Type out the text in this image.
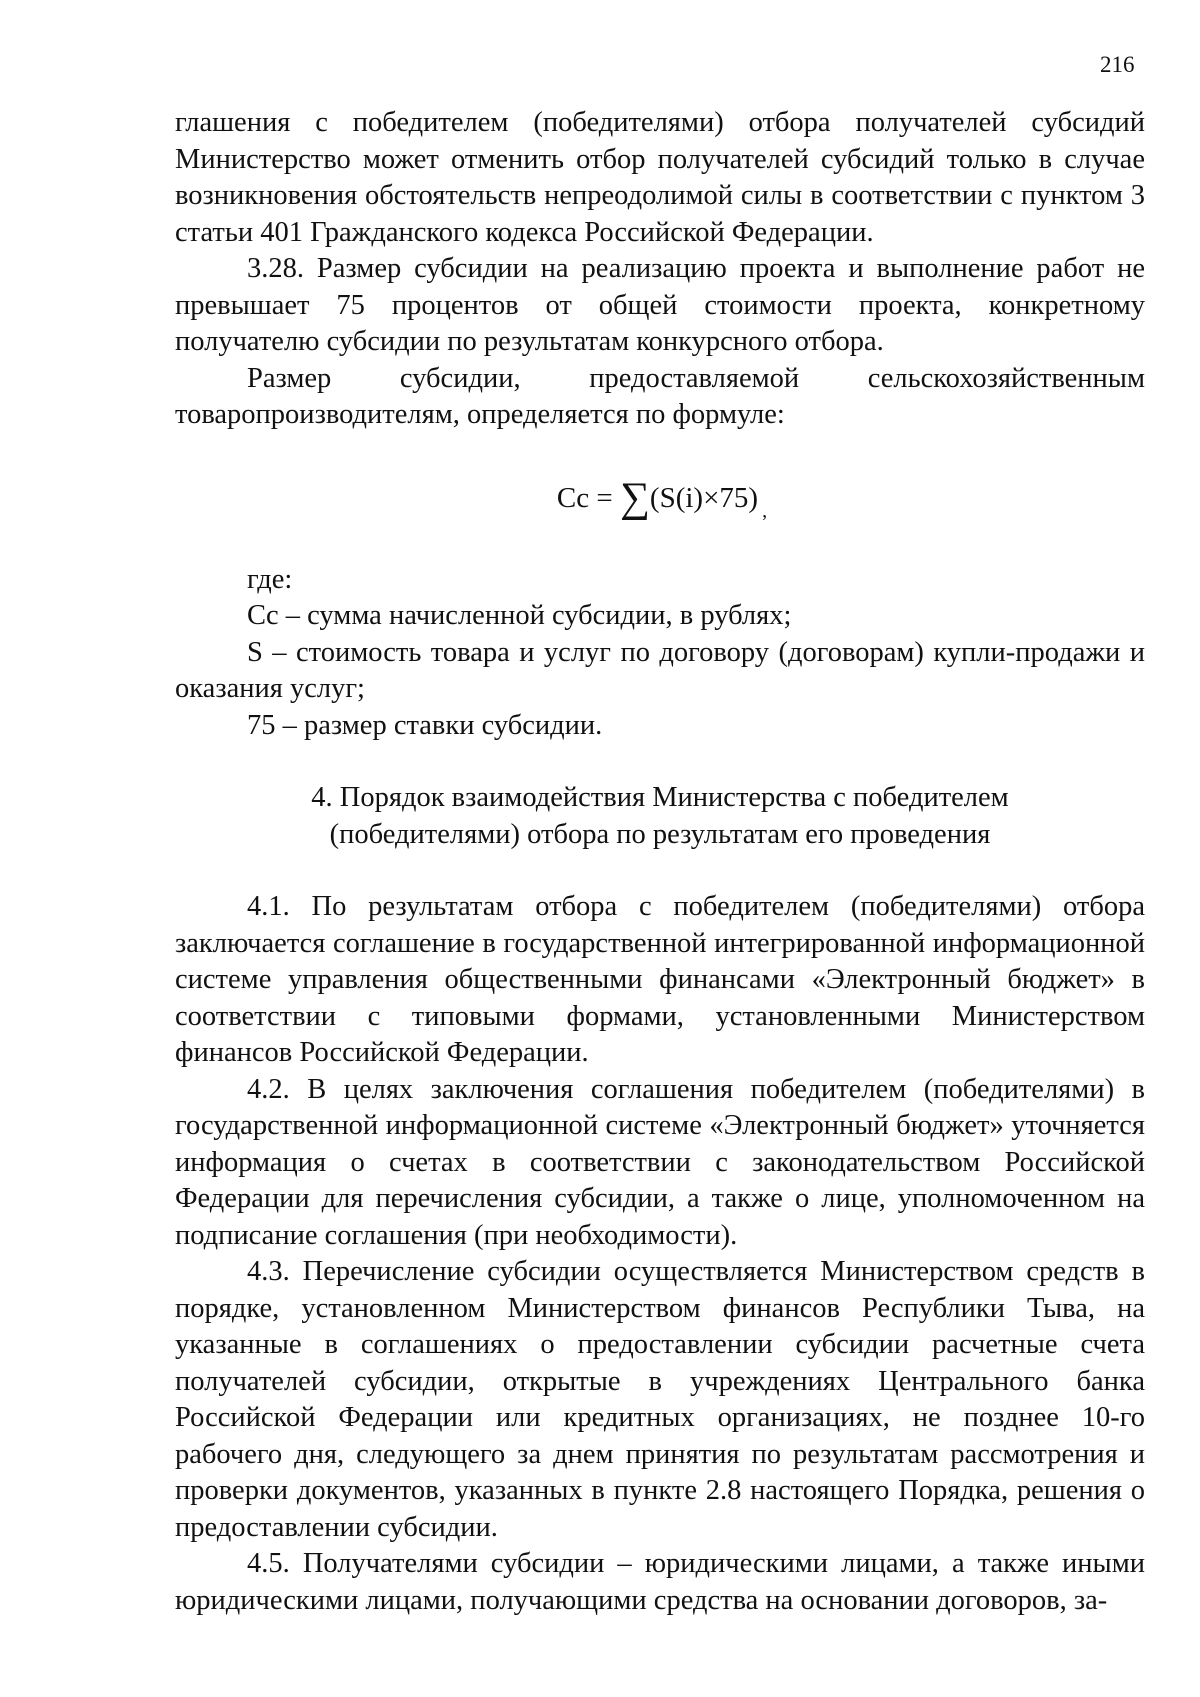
216

глашения с победителем (победителями) отбора получателей субсидий Министерство может отменить отбор получателей субсидий только в случае возникновения обстоятельств непреодолимой силы в соответствии с пунктом 3 статьи 401 Гражданского кодекса Российской Федерации.

3.28. Размер субсидии на реализацию проекта и выполнение работ не превышает 75 процентов от общей стоимости проекта, конкретному получателю субсидии по результатам конкурсного отбора.

Размер субсидии, предоставляемой сельскохозяйственным товаропроизводителям, определяется по формуле:

Cc = ∑(S(i)×75) $_,$

где:

Cc – сумма начисленной субсидии, в рублях;

S – стоимость товара и услуг по договору (договорам) купли-продажи и оказания услуг;

75 – размер ставки субсидии.

4. Порядок взаимодействия Министерства с победителем
(победителями) отбора по результатам его проведения

4.1. По результатам отбора с победителем (победителями) отбора заключается соглашение в государственной интегрированной информационной системе управления общественными финансами «Электронный бюджет» в соответствии с типовыми формами, установленными Министерством финансов Российской Федерации.

4.2. В целях заключения соглашения победителем (победителями) в государственной информационной системе «Электронный бюджет» уточняется информация о счетах в соответствии с законодательством Российской Федерации для перечисления субсидии, а также о лице, уполномоченном на подписание соглашения (при необходимости).

4.3. Перечисление субсидии осуществляется Министерством средств в порядке, установленном Министерством финансов Республики Тыва, на указанные в соглашениях о предоставлении субсидии расчетные счета получателей субсидии, открытые в учреждениях Центрального банка Российской Федерации или кредитных организациях, не позднее 10-го рабочего дня, следующего за днем принятия по результатам рассмотрения и проверки документов, указанных в пункте 2.8 настоящего Порядка, решения о предоставлении субсидии.

4.5. Получателями субсидии – юридическими лицами, а также иными юридическими лицами, получающими средства на основании договоров, за-
